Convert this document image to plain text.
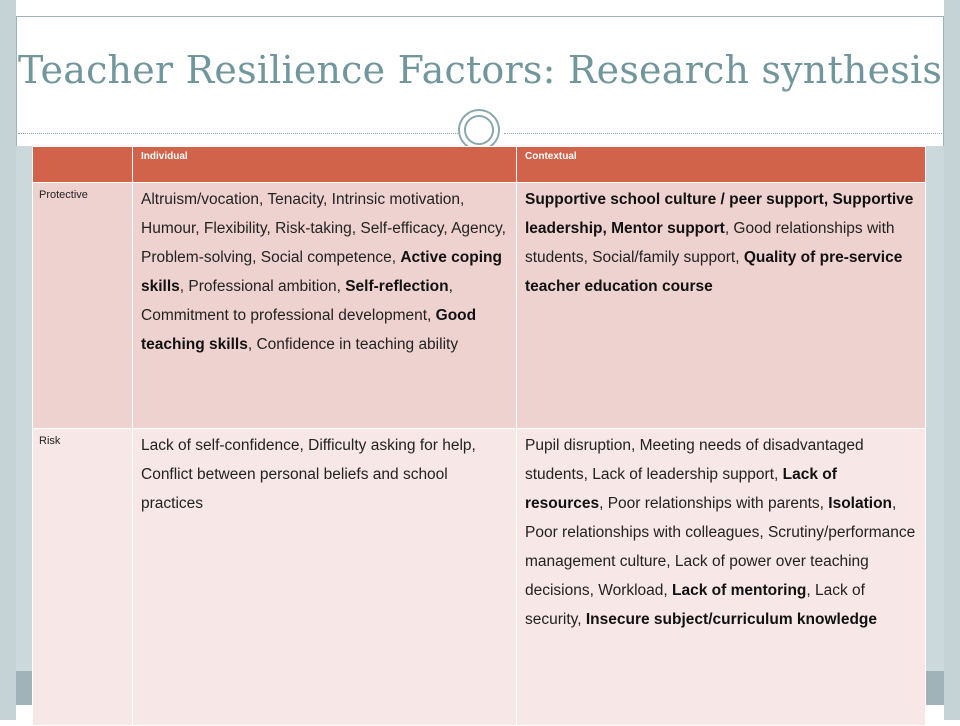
Teacher Resilience Factors: Research synthesis
	Individual	Contextual
Protective	Altruism/vocation, Tenacity, Intrinsic motivation, Humour, Flexibility, Risk-taking, Self-efficacy, Agency, Problem-solving, Social competence, Active coping skills, Professional ambition, Self-reflection, Commitment to professional development, Good teaching skills, Confidence in teaching ability	Supportive school culture / peer support, Supportive leadership, Mentor support, Good relationships with students, Social/family support, Quality of pre-service teacher education course
Risk	Lack of self-confidence, Difficulty asking for help, Conflict between personal beliefs and school practices	Pupil disruption, Meeting needs of disadvantaged students, Lack of leadership support, Lack of resources, Poor relationships with parents, Isolation, Poor relationships with colleagues, Scrutiny/performance management culture, Lack of power over teaching decisions, Workload, Lack of mentoring, Lack of security, Insecure subject/curriculum knowledge
